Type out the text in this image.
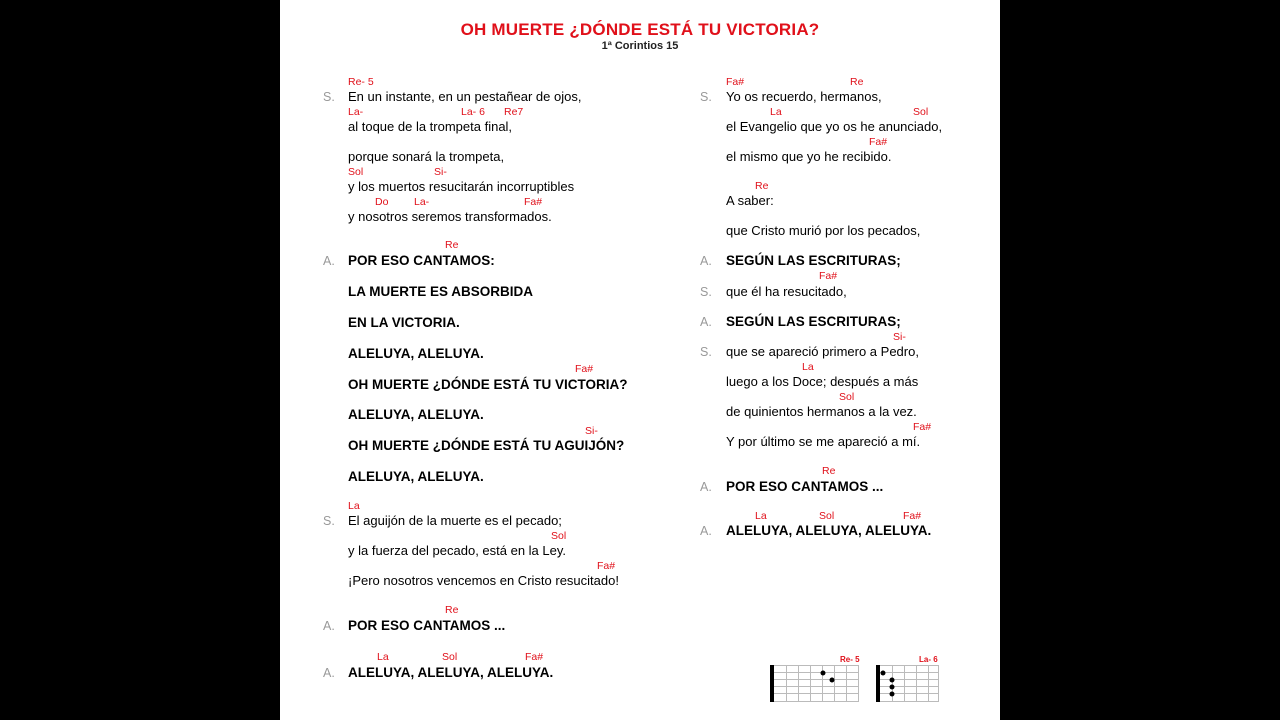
OH MUERTE ¿DÓNDE ESTÁ TU VICTORIA?
1ª Corintios 15
Re- 5
S. En un instante, en un pestañear de ojos,
La-	La- 6 Re7
al toque de la trompeta final,
porque sonará la trompeta,
Sol	Si-
y los muertos resucitarán incorruptibles
Do La-	Fa#
y nosotros seremos transformados.
Re
A. POR ESO CANTAMOS:
LA MUERTE ES ABSORBIDA
EN LA VICTORIA.
ALELUYA, ALELUYA.
Fa#
OH MUERTE ¿DÓNDE ESTÁ TU VICTORIA?
ALELUYA, ALELUYA.
Si-
OH MUERTE ¿DÓNDE ESTÁ TU AGUIJÓN?
ALELUYA, ALELUYA.
La
S. El aguijón de la muerte es el pecado;
Sol
y la fuerza del pecado, está en la Ley.
Fa#
¡Pero nosotros vencemos en Cristo resucitado!
Re
A. POR ESO CANTAMOS ...
La	Sol	Fa#
A. ALELUYA, ALELUYA, ALELUYA.
Fa#	Re
S. Yo os recuerdo, hermanos,
La	Sol
el Evangelio que yo os he anunciado,
Fa#
el mismo que yo he recibido.
Re
A saber:
que Cristo murió por los pecados,
A. SEGÚN LAS ESCRITURAS;
Fa#
S. que él ha resucitado,
A. SEGÚN LAS ESCRITURAS;
Si-
S. que se apareció primero a Pedro,
La
luego a los Doce; después a más
Sol
de quinientos hermanos a la vez.
Fa#
Y por último se me apareció a mí.
Re
A. POR ESO CANTAMOS ...
La	Sol	Fa#
A. ALELUYA, ALELUYA, ALELUYA.
Re- 5	La- 6
